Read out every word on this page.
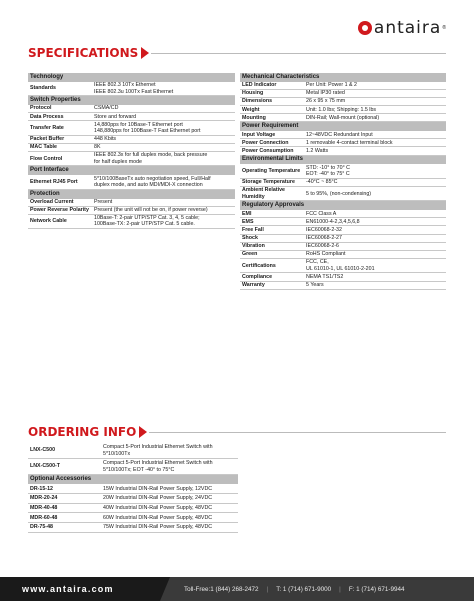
antaira ®
SPECIFICATIONS
Technology	
Standards	IEEE 802.3 10Tx Ethernet
IEEE 802.3u 100Tx Fast Ethernet

Switch Properties	
Protocol	CSMA/CD

Data Process	Store and forward

Transfer Rate	14,880pps for 10Base-T Ethernet port
148,880pps for 100Base-T Fast Ethernet port

Packet Buffer	448 Kbits

MAC Table	8K

Flow Control	IEEE 802.3x for full duplex mode, back pressure
for half duplex mode

Port Interface	
Ethernet RJ45 Port	5*10/100BaseTx auto negotiation speed, Full/Half
duplex mode, and auto MDI/MDI-X connection

Protection	
Overload Current	Present

Power Reverse Polarity	Present (the unit will not be on, if power reverse)

Network Cable	10Base-T: 2-pair UTP/STP Cat. 3, 4, 5 cable;
100Base-TX: 2-pair UTP/STP Cat. 5 cable.
Mechanical Characteristics	
LED Indicator	Per Unit: Power 1 & 2

Housing	Metal IP30 rated

Dimensions	26 x 95 x 75 mm

Weight	Unit: 1.0 lbs; Shipping: 1.5 lbs

Mounting	DIN-Rail; Wall-mount (optional)

Power Requirement	
Input Voltage	12~48VDC Redundant Input

Power Connection	1 removable 4-contact terminal block

Power Consumption	1.2 Watts

Environmental Limits	
Operating Temperature	STD: -10° to 70° C
EOT: -40° to 75° C

Storage Temperature	-40°C ~ 85°C

Ambient Relative Humidity	5 to 95%, (non-condensing)

Regulatory Approvals	
EMI	FCC Class A

EMS	EN61000-4-2,3,4,5,6,8

Free Fall	IEC60068-2-32

Shock	IEC60068-2-27

Vibration	IEC60068-2-6

Green	RoHS Compliant

Certifications	FCC, CE,
UL 61010-1, UL 61010-2-201

Compliance	NEMA TS1/TS2

Warranty	5 Years
ORDERING INFO
LNX-C500	Compact 5-Port Industrial Ethernet Switch with 5*10/100Tx
LNX-C500-T	Compact 5-Port Industrial Ethernet Switch with 5*10/100Tx; EOT -40° to 75°C
Optional Accessories	
DR-15-12	15W Industrial DIN-Rail Power Supply, 12VDC
MDR-20-24	20W Industrial DIN-Rail Power Supply, 24VDC
MDR-40-48	40W Industrial DIN-Rail Power Supply, 48VDC
MDR-60-48	60W Industrial DIN-Rail Power Supply, 48VDC
DR-75-48	75W Industrial DIN-Rail Power Supply, 48VDC
www.antaira.com	Toll-Free:1 (844) 268-2472 | T: 1 (714) 671-9000 | F: 1 (714) 671-9944
